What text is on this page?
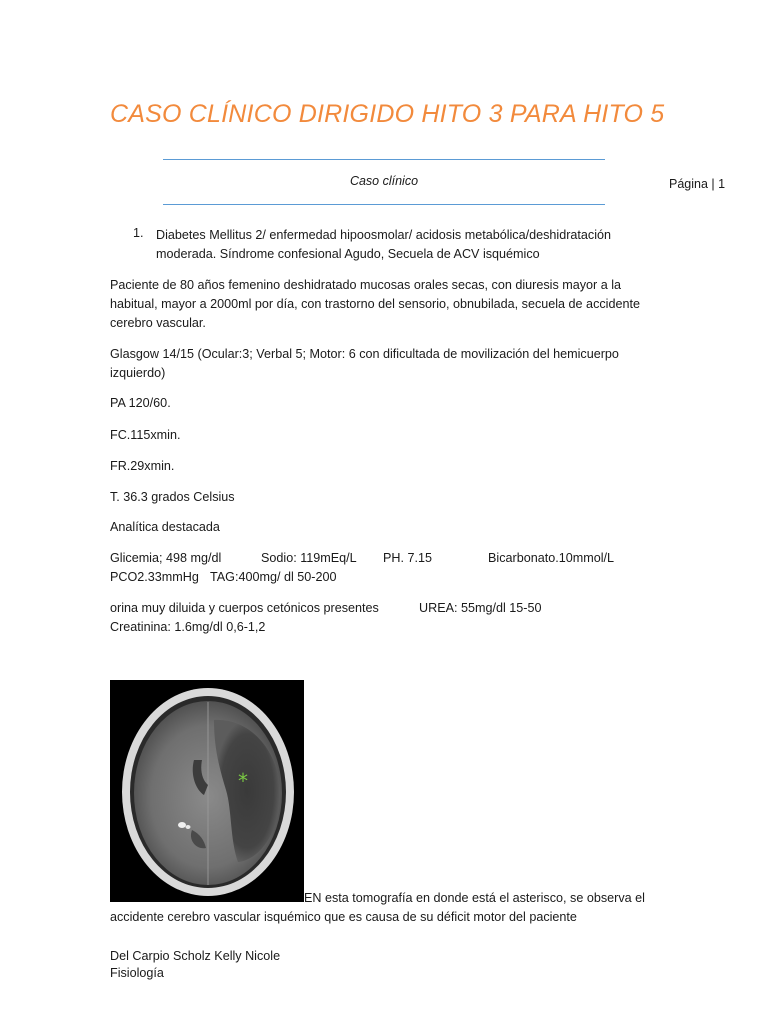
CASO CLÍNICO DIRIGIDO HITO 3 PARA HITO 5
Caso clínico	Página | 1
1. Diabetes Mellitus 2/ enfermedad hipoosmolar/ acidosis metabólica/deshidratación moderada. Síndrome confesional Agudo, Secuela de ACV isquémico
Paciente de 80 años femenino deshidratado mucosas orales secas, con diuresis mayor a la habitual, mayor a 2000ml por día, con trastorno del sensorio, obnubilada, secuela de accidente cerebro vascular.
Glasgow 14/15 (Ocular:3; Verbal 5; Motor: 6 con dificultada de movilización del hemicuerpo izquierdo)
PA 120/60.
FC.115xmin.
FR.29xmin.
T. 36.3 grados Celsius
Analítica destacada
Glicemia; 498 mg/dl	Sodio: 119mEq/L PH. 7.15	Bicarbonato.10mmol/L
PCO2.33mmHg TAG:400mg/ dl 50-200
orina muy diluida y cuerpos cetónicos presentes	UREA: 55mg/dl 15-50
Creatinina: 1.6mg/dl 0,6-1,2
*
EN esta tomografía en donde está el asterisco, se observa el
accidente cerebro vascular isquémico que es causa de su déficit motor del paciente
Del Carpio Scholz Kelly Nicole
Fisiología
